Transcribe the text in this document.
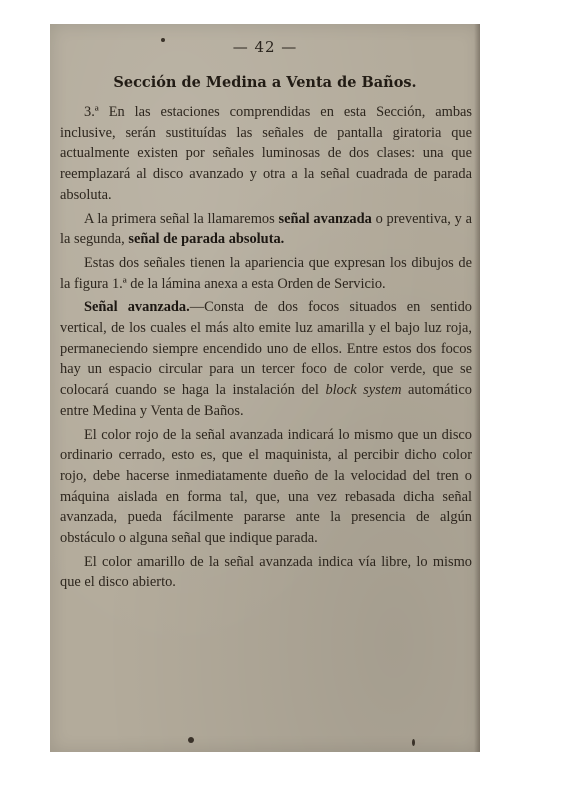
— 42 —
Sección de Medina a Venta de Baños.

3.ª En las estaciones comprendidas en esta Sección, ambas inclusive, serán sustituídas las señales de pantalla giratoria que actualmente existen por señales luminosas de dos clases: una que reemplazará al disco avanzado y otra a la señal cuadrada de parada absoluta.

A la primera señal la llamaremos señal avanzada o preventiva, y a la segunda, señal de parada absoluta.

Estas dos señales tienen la apariencia que expresan los dibujos de la figura 1.ª de la lámina anexa a esta Orden de Servicio.

Señal avanzada.—Consta de dos focos situados en sentido vertical, de los cuales el más alto emite luz amarilla y el bajo luz roja, permaneciendo siempre encendido uno de ellos. Entre estos dos focos hay un espacio circular para un tercer foco de color verde, que se colocará cuando se haga la instalación del block system automático entre Medina y Venta de Baños.

El color rojo de la señal avanzada indicará lo mismo que un disco ordinario cerrado, esto es, que el maquinista, al percibir dicho color rojo, debe hacerse inmediatamente dueño de la velocidad del tren o máquina aislada en forma tal, que, una vez rebasada dicha señal avanzada, pueda fácilmente pararse ante la presencia de algún obstáculo o alguna señal que indique parada.

El color amarillo de la señal avanzada indica vía libre, lo mismo que el disco abierto.
